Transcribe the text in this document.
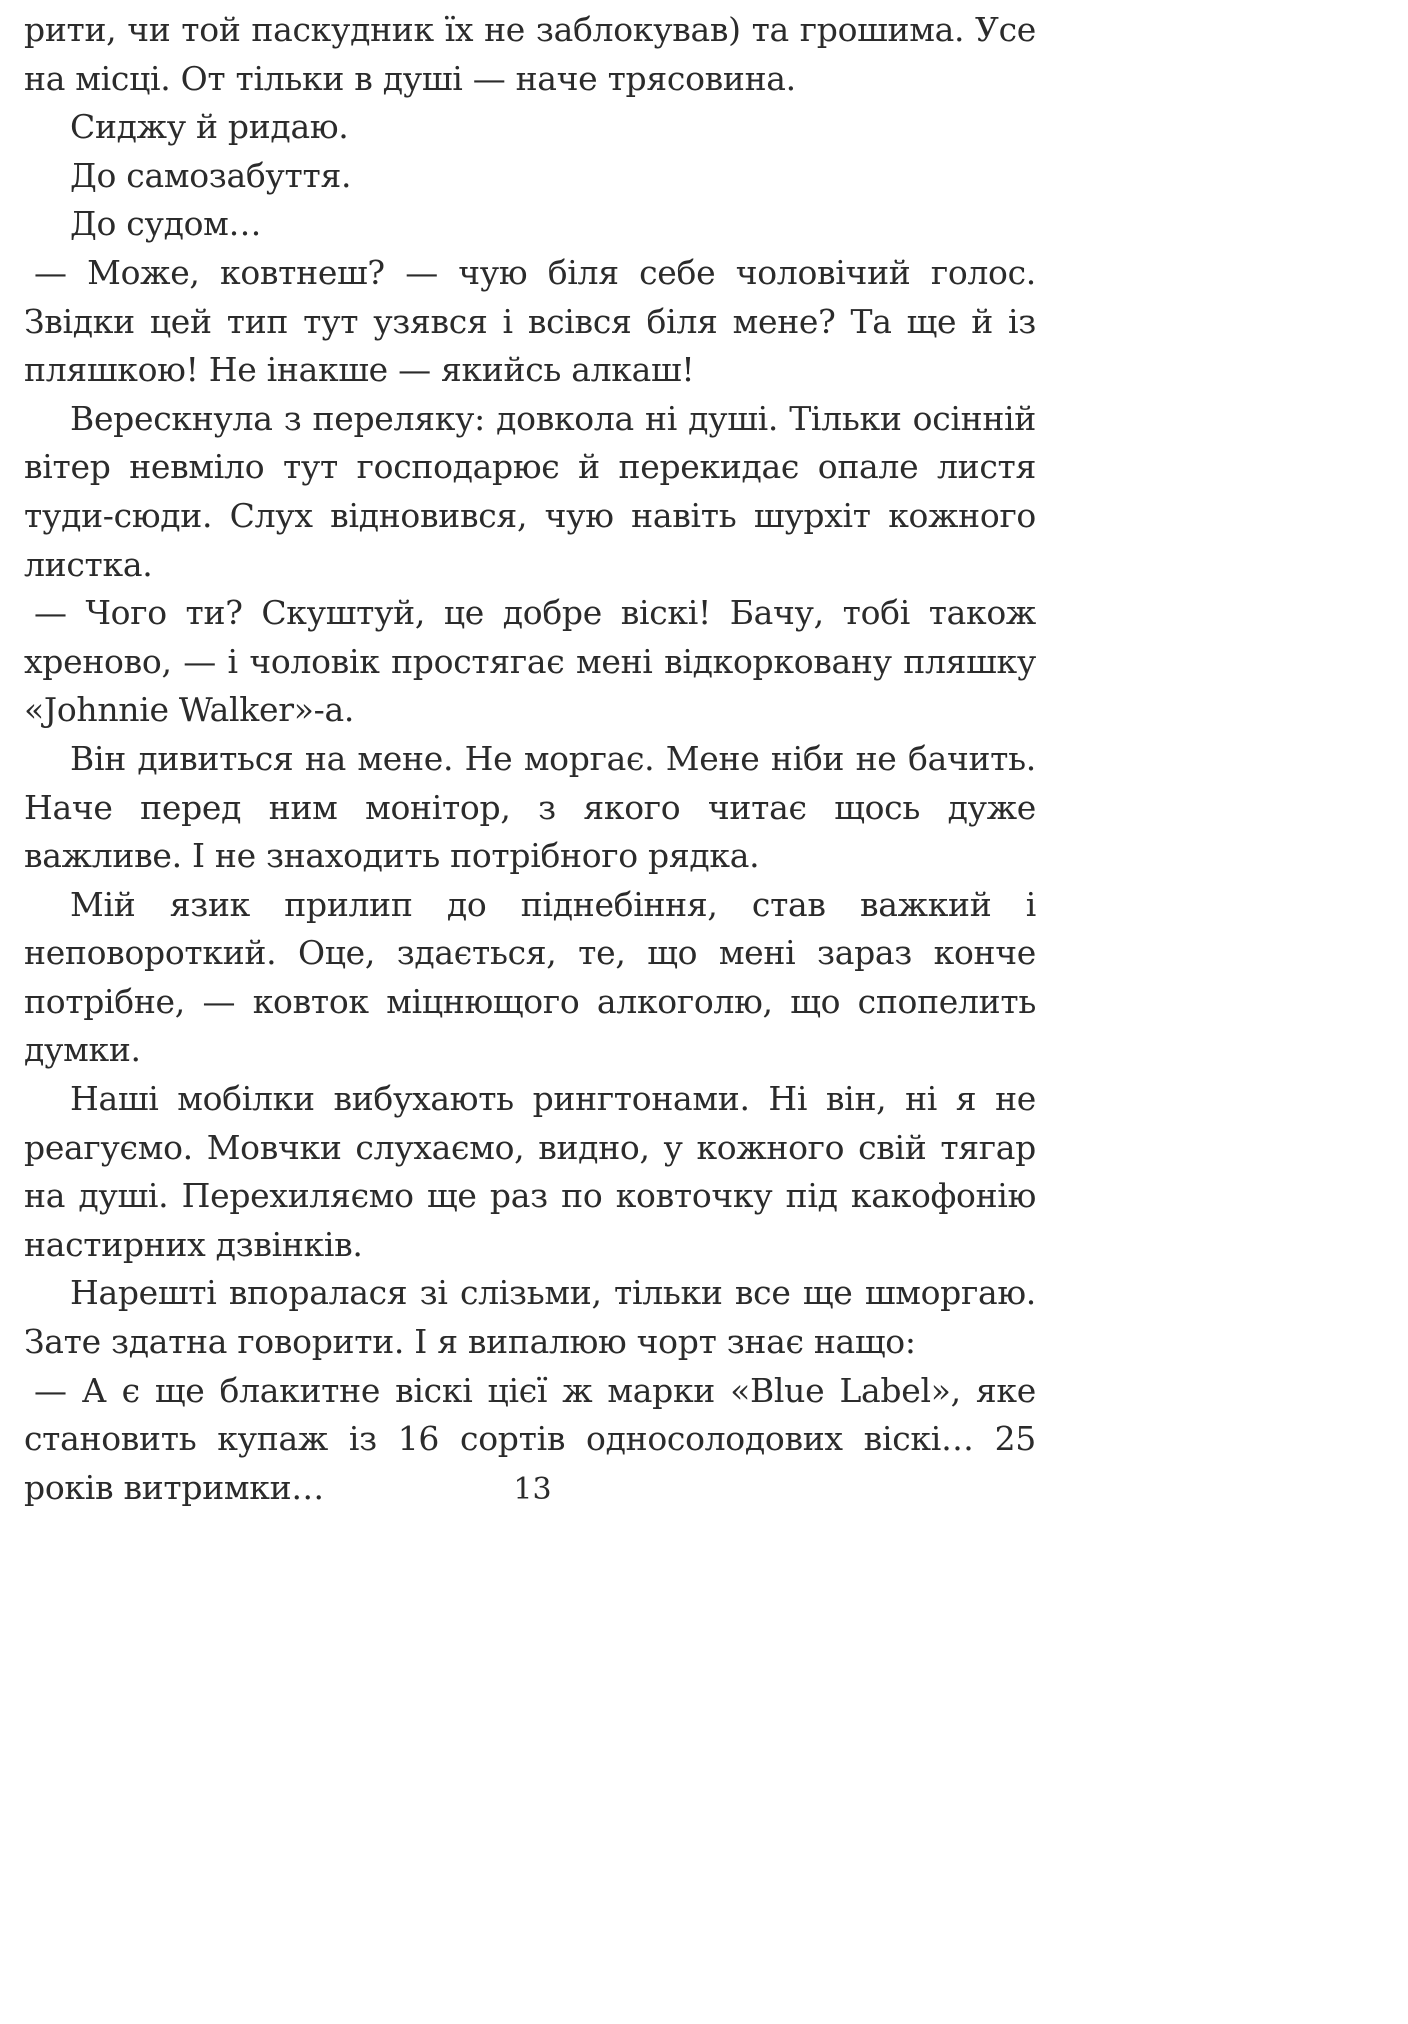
рити, чи той паскудник їх не заблокував) та грошима. Усе на місці. От тільки в душі — наче трясовина.

Сиджу й ридаю.

До самозабуття.

До судом…

— Може, ковтнеш? — чую біля себе чоловічий голос. Звідки цей тип тут узявся і всівся біля мене? Та ще й із пляшкою! Не інакше — якийсь алкаш!

Верескнула з переляку: довкола ні душі. Тільки осінній вітер невміло тут господарює й перекидає опале листя туди-сюди. Слух відновився, чую навіть шурхіт кожного листка.

— Чого ти? Скуштуй, це добре віскі! Бачу, тобі також хреново, — і чоловік простягає мені відкорковану пляшку «Johnnie Walker»-а.

Він дивиться на мене. Не моргає. Мене ніби не бачить. Наче перед ним монітор, з якого читає щось дуже важливе. І не знаходить потрібного рядка.

Мій язик прилип до піднебіння, став важкий і неповороткий. Оце, здається, те, що мені зараз конче потрібне, — ковток міцнющого алкоголю, що спопелить думки.

Наші мобілки вибухають рингтонами. Ні він, ні я не реагуємо. Мовчки слухаємо, видно, у кожного свій тягар на душі. Перехиляємо ще раз по ковточку під какофонію настирних дзвінків.

Нарешті впоралася зі слізьми, тільки все ще шморгаю. Зате здатна говорити. І я випалюю чорт знає нащо:

— А є ще блакитне віскі цієї ж марки «Blue Label», яке становить купаж із 16 сортів односолодових віскі… 25 років витримки…	13
